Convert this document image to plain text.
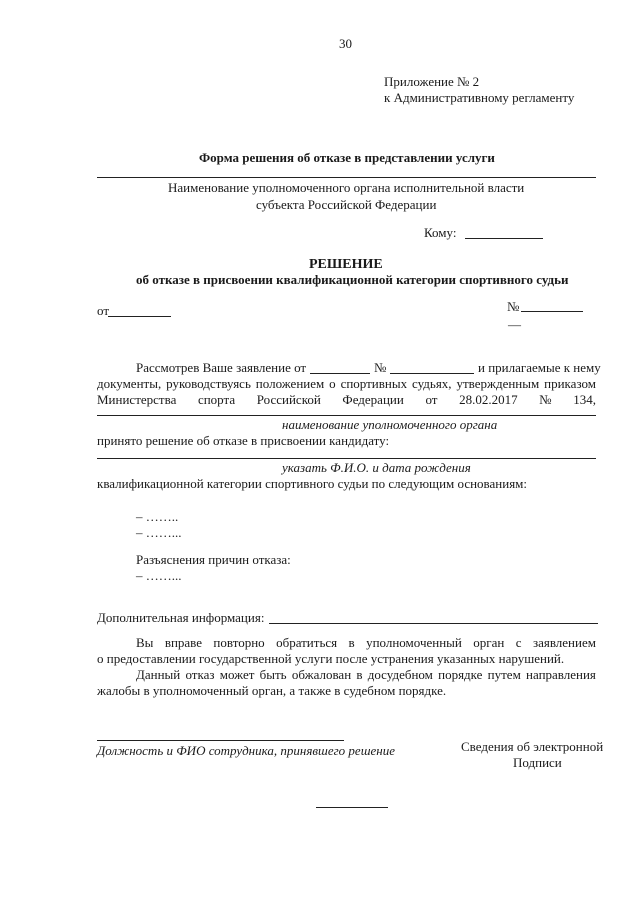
30
Приложение № 2
к Административному регламенту
Форма решения об отказе в представлении услуги
Наименование уполномоченного органа исполнительной власти
субъекта Российской Федерации
Кому:
РЕШЕНИЕ
об отказе в присвоении квалификационной категории спортивного судьи
от	№
—
Рассмотрев Ваше заявление от	№	и прилагаемые к нему
документы, руководствуясь положением о спортивных судьях, утвержденным приказом
Министерства спорта Российской Федерации от 28.02.2017 № 134,
наименование уполномоченного органа
принято решение об отказе в присвоении кандидату:
указать Ф.И.О. и дата рождения
квалификационной категории спортивного судьи по следующим основаниям:
– ……..
– ……...
Разъяснения причин отказа:
– ……...
Дополнительная информация:
Вы вправе повторно обратиться в уполномоченный орган с заявлением
о предоставлении государственной услуги после устранения указанных нарушений.
Данный отказ может быть обжалован в досудебном порядке путем направления
жалобы в уполномоченный орган, а также в судебном порядке.
Должность и ФИО сотрудника, принявшего решение	Сведения об электронной
Подписи
